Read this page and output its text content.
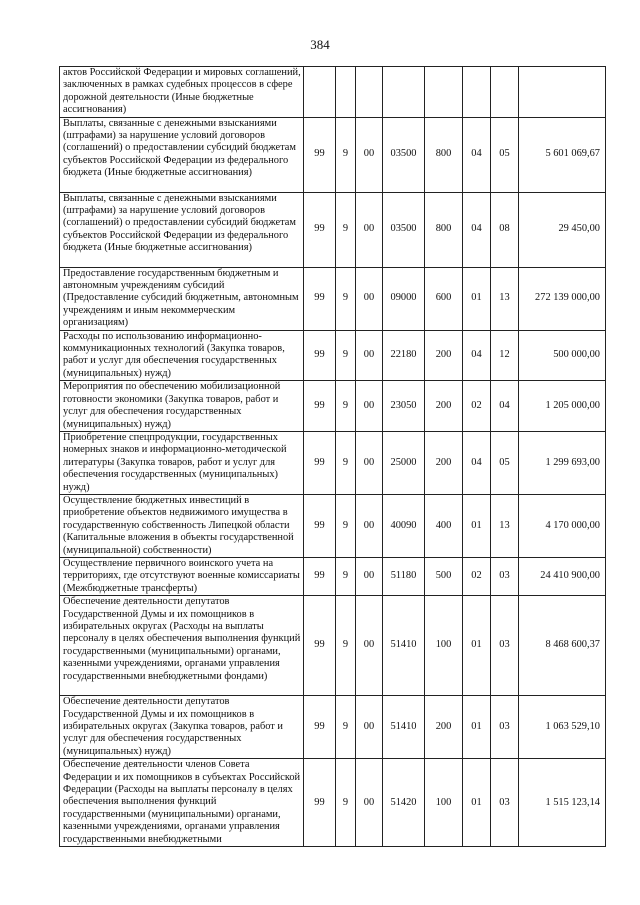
384
актов Российской Федерации и мировых соглашений, заключенных в рамках судебных процессов в сфере дорожной деятельности (Иные бюджетные ассигнования)								
Выплаты, связанные с денежными взысканиями (штрафами) за нарушение условий договоров (соглашений) о предоставлении субсидий бюджетам субъектов Российской Федерации из федерального бюджета (Иные бюджетные ассигнования)	99	9	00	03500	800	04	05	5 601 069,67
Выплаты, связанные с денежными взысканиями (штрафами) за нарушение условий договоров (соглашений) о предоставлении субсидий бюджетам субъектов Российской Федерации из федерального бюджета (Иные бюджетные ассигнования)	99	9	00	03500	800	04	08	29 450,00
Предоставление государственным бюджетным и автономным учреждениям субсидий (Предоставление субсидий бюджетным, автономным учреждениям и иным некоммерческим организациям)	99	9	00	09000	600	01	13	272 139 000,00
Расходы по использованию информационно-коммуникационных технологий (Закупка товаров, работ и услуг для обеспечения государственных (муниципальных) нужд)	99	9	00	22180	200	04	12	500 000,00
Мероприятия по обеспечению мобилизационной готовности экономики (Закупка товаров, работ и услуг для обеспечения государственных (муниципальных) нужд)	99	9	00	23050	200	02	04	1 205 000,00
Приобретение спецпродукции, государственных номерных знаков и информационно-методической литературы (Закупка товаров, работ и услуг для обеспечения государственных (муниципальных) нужд)	99	9	00	25000	200	04	05	1 299 693,00
Осуществление бюджетных инвестиций в приобретение объектов недвижимого имущества в государственную собственность Липецкой области (Капитальные вложения в объекты государственной (муниципальной) собственности)	99	9	00	40090	400	01	13	4 170 000,00
Осуществление первичного воинского учета на территориях, где отсутствуют военные комиссариаты (Межбюджетные трансферты)	99	9	00	51180	500	02	03	24 410 900,00
Обеспечение деятельности депутатов Государственной Думы и их помощников в избирательных округах (Расходы на выплаты персоналу в целях обеспечения выполнения функций государственными (муниципальными) органами, казенными учреждениями, органами управления государственными внебюджетными фондами)	99	9	00	51410	100	01	03	8 468 600,37
Обеспечение деятельности депутатов Государственной Думы и их помощников в избирательных округах (Закупка товаров, работ и услуг для обеспечения государственных (муниципальных) нужд)	99	9	00	51410	200	01	03	1 063 529,10
Обеспечение деятельности членов Совета Федерации и их помощников в субъектах Российской Федерации (Расходы на выплаты персоналу в целях обеспечения выполнения функций государственными (муниципальными) органами, казенными учреждениями, органами управления государственными внебюджетными	99	9	00	51420	100	01	03	1 515 123,14
